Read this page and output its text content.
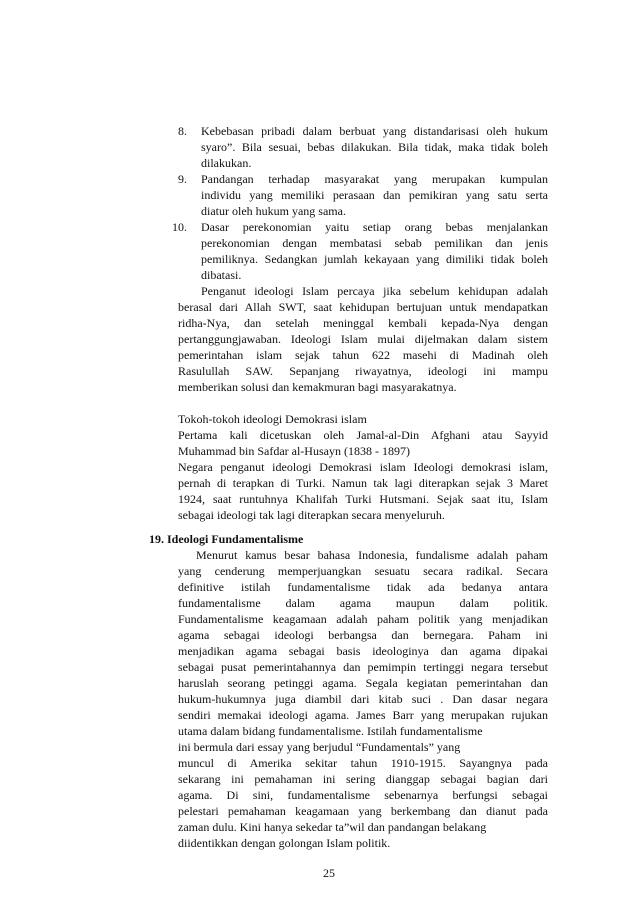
8. Kebebasan pribadi dalam berbuat yang distandarisasi oleh hukum
syaro”. Bila sesuai, bebas dilakukan. Bila tidak, maka tidak boleh
dilakukan.
9. Pandangan terhadap masyarakat yang merupakan kumpulan
individu yang memiliki perasaan dan pemikiran yang satu serta
diatur oleh hukum yang sama.
10. Dasar perekonomian yaitu setiap orang bebas menjalankan
perekonomian dengan membatasi sebab pemilikan dan jenis
pemiliknya. Sedangkan jumlah kekayaan yang dimiliki tidak boleh
dibatasi.
Penganut ideologi Islam percaya jika sebelum kehidupan adalah
berasal dari Allah SWT, saat kehidupan bertujuan untuk mendapatkan
ridha-Nya, dan setelah meninggal kembali kepada-Nya dengan
pertanggungjawaban. Ideologi Islam mulai dijelmakan dalam sistem
pemerintahan islam sejak tahun 622 masehi di Madinah oleh
Rasulullah SAW. Sepanjang riwayatnya, ideologi ini mampu
memberikan solusi dan kemakmuran bagi masyarakatnya.
Tokoh-tokoh ideologi Demokrasi islam
Pertama kali dicetuskan oleh Jamal-al-Din Afghani atau Sayyid
Muhammad bin Safdar al-Husayn (1838 - 1897)
Negara penganut ideologi Demokrasi islam Ideologi demokrasi islam,
pernah di terapkan di Turki. Namun tak lagi diterapkan sejak 3 Maret
1924, saat runtuhnya Khalifah Turki Hutsmani. Sejak saat itu, Islam
sebagai ideologi tak lagi diterapkan secara menyeluruh.
19. Ideologi Fundamentalisme
Menurut kamus besar bahasa Indonesia, fundalisme adalah paham
yang cenderung memperjuangkan sesuatu secara radikal. Secara
definitive istilah fundamentalisme tidak ada bedanya antara
fundamentalisme dalam agama maupun dalam politik.
Fundamentalisme keagamaan adalah paham politik yang menjadikan
agama sebagai ideologi berbangsa dan bernegara. Paham ini
menjadikan agama sebagai basis ideologinya dan agama dipakai
sebagai pusat pemerintahannya dan pemimpin tertinggi negara tersebut
haruslah seorang petinggi agama. Segala kegiatan pemerintahan dan
hukum-hukumnya juga diambil dari kitab suci . Dan dasar negara
sendiri memakai ideologi agama. James Barr yang merupakan rujukan
utama dalam bidang fundamentalisme. Istilah fundamentalisme
ini bermula dari essay yang berjudul “Fundamentals” yang
muncul di Amerika sekitar tahun 1910-1915. Sayangnya pada
sekarang ini pemahaman ini sering dianggap sebagai bagian dari
agama. Di sini, fundamentalisme sebenarnya berfungsi sebagai
pelestari pemahaman keagamaan yang berkembang dan dianut pada
zaman dulu. Kini hanya sekedar ta”wil dan pandangan belakang
diidentikkan dengan golongan Islam politik.
25
